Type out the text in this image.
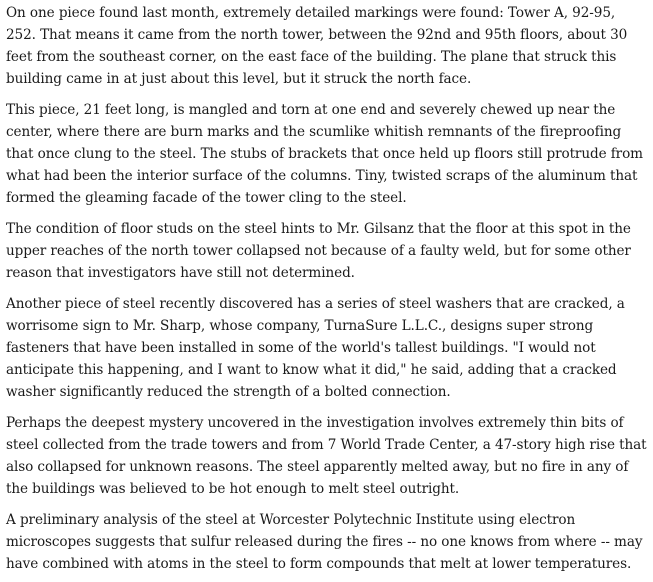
On one piece found last month, extremely detailed markings were found: Tower A, 92-95, 252. That means it came from the north tower, between the 92nd and 95th floors, about 30 feet from the southeast corner, on the east face of the building. The plane that struck this building came in at just about this level, but it struck the north face.

This piece, 21 feet long, is mangled and torn at one end and severely chewed up near the center, where there are burn marks and the scumlike whitish remnants of the fireproofing that once clung to the steel. The stubs of brackets that once held up floors still protrude from what had been the interior surface of the columns. Tiny, twisted scraps of the aluminum that formed the gleaming facade of the tower cling to the steel.

The condition of floor studs on the steel hints to Mr. Gilsanz that the floor at this spot in the upper reaches of the north tower collapsed not because of a faulty weld, but for some other reason that investigators have still not determined.

Another piece of steel recently discovered has a series of steel washers that are cracked, a worrisome sign to Mr. Sharp, whose company, TurnaSure L.L.C., designs super strong fasteners that have been installed in some of the world's tallest buildings. "I would not anticipate this happening, and I want to know what it did," he said, adding that a cracked washer significantly reduced the strength of a bolted connection.

Perhaps the deepest mystery uncovered in the investigation involves extremely thin bits of steel collected from the trade towers and from 7 World Trade Center, a 47-story high rise that also collapsed for unknown reasons. The steel apparently melted away, but no fire in any of the buildings was believed to be hot enough to melt steel outright.

A preliminary analysis of the steel at Worcester Polytechnic Institute using electron microscopes suggests that sulfur released during the fires -- no one knows from where -- may have combined with atoms in the steel to form compounds that melt at lower temperatures.
